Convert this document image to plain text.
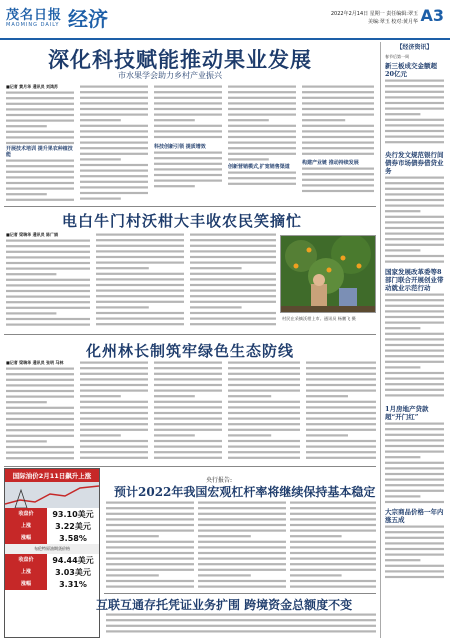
茂名日报
MAOMING DAILY 经济	2022年2月14日 星期一 责任编辑:翠玉
美编:翠玉 校对:黄月华 A3
深化科技赋能推动果业发展
市水果学会助力乡村产业振兴
■记者 黄月华 通讯员 刘鸿苏
开展技术培训 提升果农种植技能
科技创新引领 提质增效
创新营销模式,扩宽销售渠道
构建产业链 推动持续发展
电白牛门村沃柑大丰收农民笑摘忙
■记者 梁瑞华 通讯员 陈广娟
村民在采摘沃柑上市。通讯员 杨鹏飞 摄
化州林长制筑牢绿色生态防线
■记者 梁瑞华 通讯员 张明 马林
国际油价2月11日飙升上涨
收盘价	93.10美元
上涨	3.22美元
涨幅	3.58%
布伦特原油期货价格
收盘价	94.44美元
上涨	3.03美元
涨幅	3.31%
央行报告:
预计2022年我国宏观杠杆率将继续保持基本稳定
互联互通存托凭证业务扩围 跨境资金总额度不变
【经济资讯】
春节后第一周
新三板成交金额超20亿元
央行发文规范银行间债券市场债券借贷业务
国家发展改革委等8部门联合开展创业带动就业示范行动
1月房地产贷款超“开门红”
大宗商品价格一年内涨五成
